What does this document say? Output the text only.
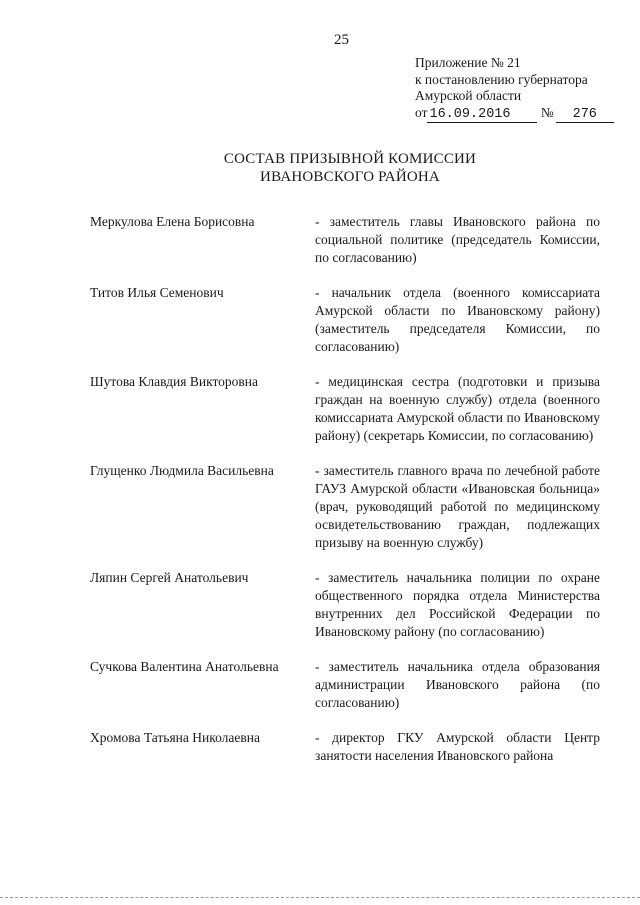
25
Приложение № 21
к постановлению губернатора
Амурской области
от 16.09.2016 № 276
СОСТАВ ПРИЗЫВНОЙ КОМИССИИ
ИВАНОВСКОГО РАЙОНА
Меркулова Елена Борисовна	- заместитель главы Ивановского района по социальной политике (председатель Комиссии, по согласованию)
Титов Илья Семенович	- начальник отдела (военного комиссариата Амурской области по Ивановскому району) (заместитель председателя Комиссии, по согласованию)
Шутова Клавдия Викторовна	- медицинская сестра (подготовки и призыва граждан на военную службу) отдела (военного комиссариата Амурской области по Ивановскому району) (секретарь Комиссии, по согласованию)
Глущенко Людмила Васильевна	- заместитель главного врача по лечебной работе ГАУЗ Амурской области «Ивановская больница» (врач, руководящий работой по медицинскому освидетельствованию граждан, подлежащих призыву на военную службу)
Ляпин Сергей Анатольевич	- заместитель начальника полиции по охране общественного порядка отдела Министерства внутренних дел Российской Федерации по Ивановскому району (по согласованию)
Сучкова Валентина Анатольевна	- заместитель начальника отдела образования администрации Ивановского района (по согласованию)
Хромова Татьяна Николаевна	- директор ГКУ Амурской области Центр занятости населения Ивановского района
